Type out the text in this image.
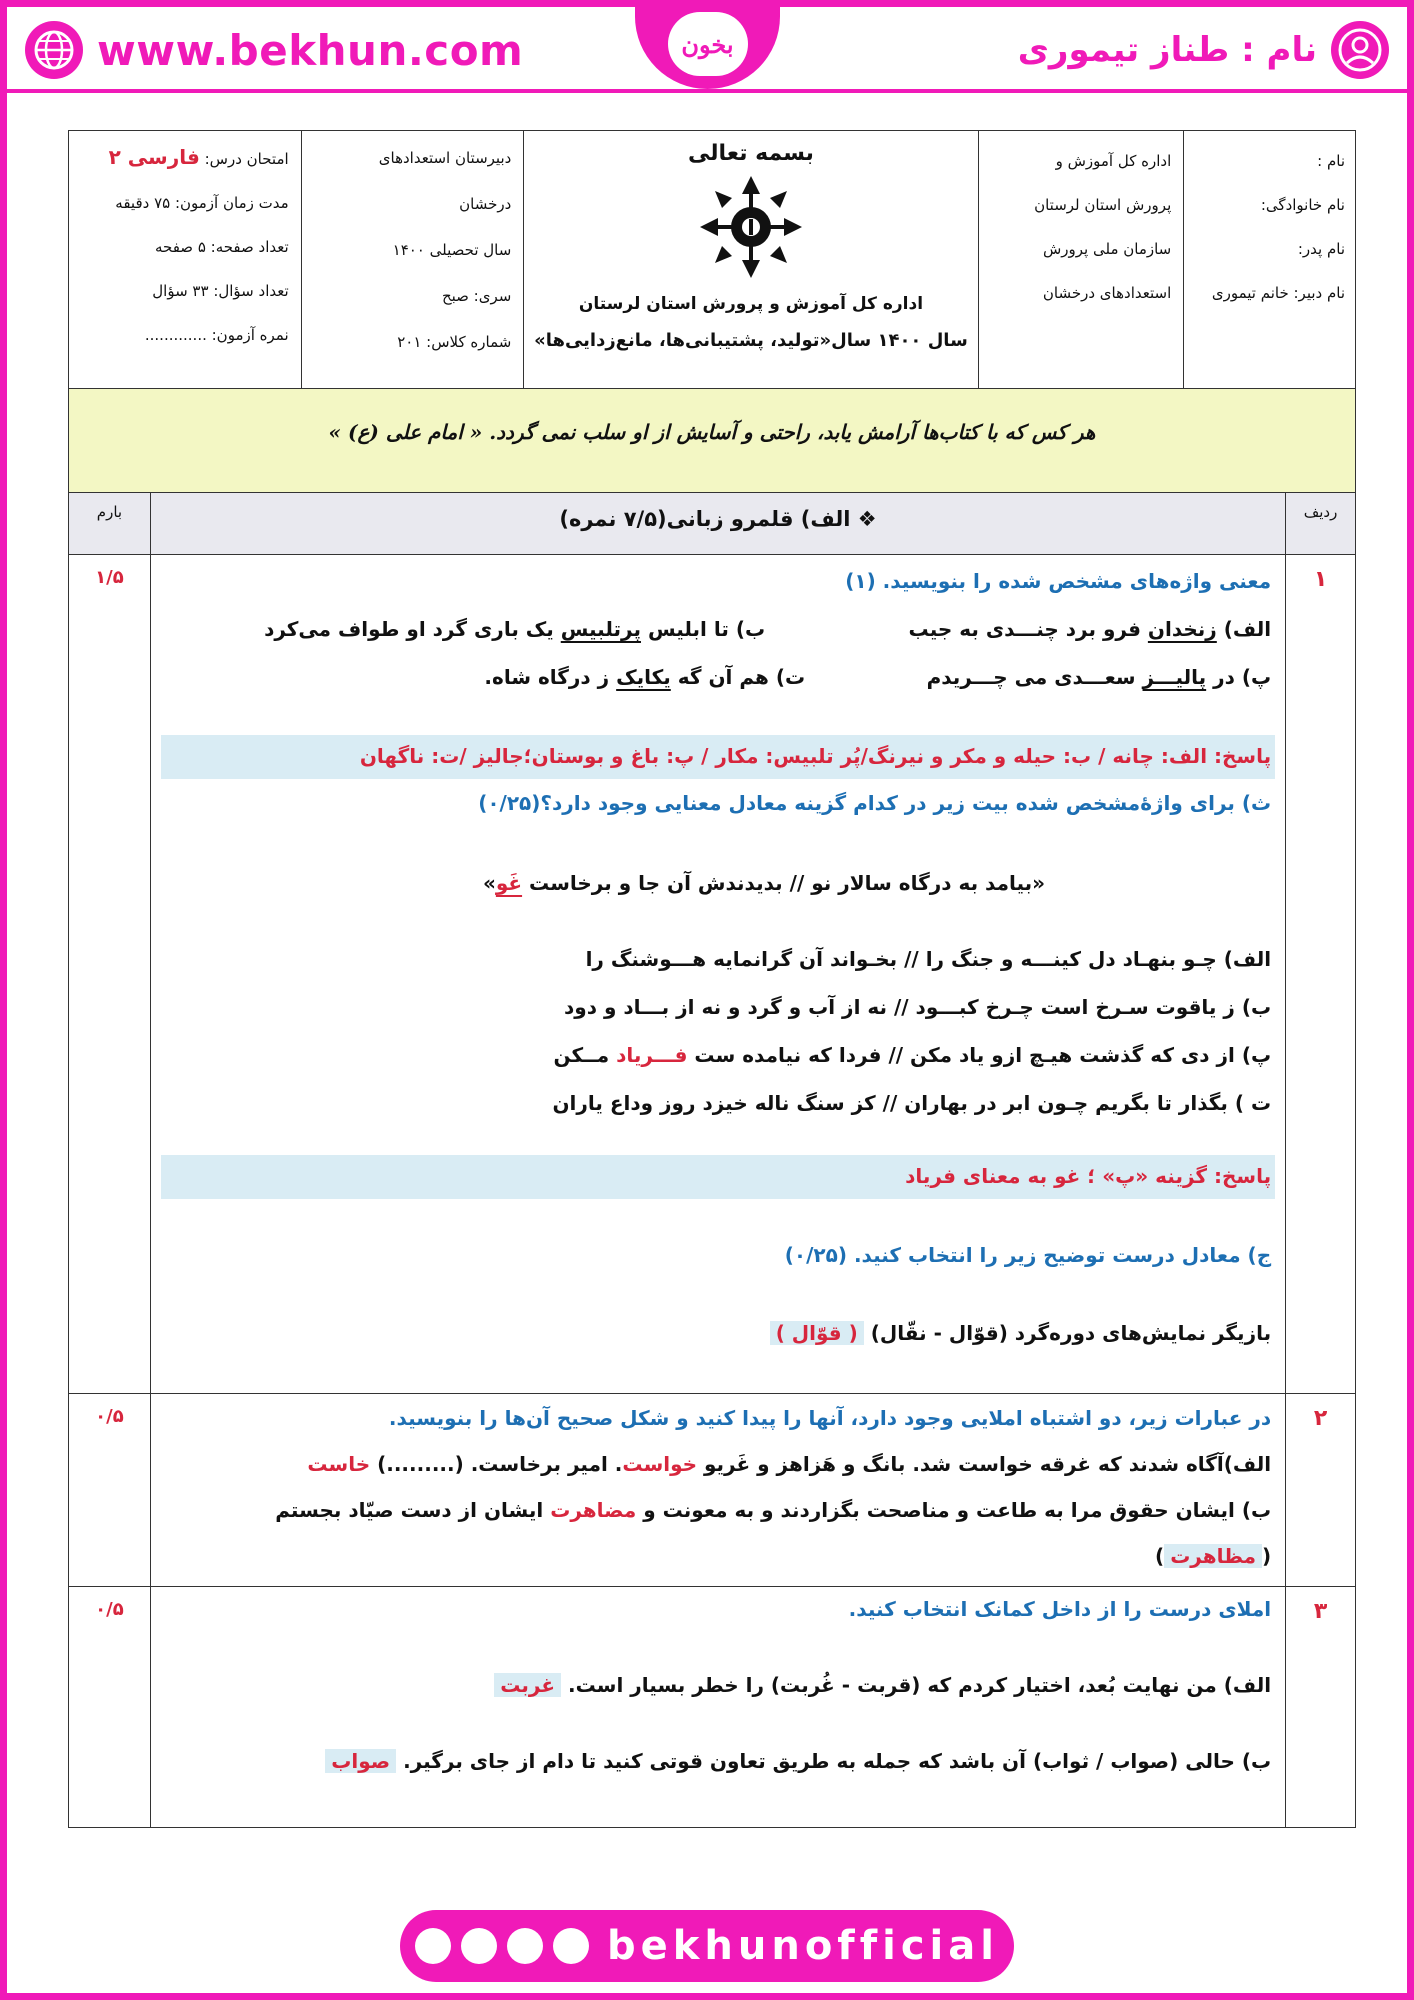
www.bekhun.com	بخون	نام : طناز تیموری
نام :
نام خانوادگی:
نام پدر:
نام دبیر: خانم تیموری
اداره کل آموزش و
پرورش استان لرستان
سازمان ملی پرورش
استعدادهای درخشان
بسمه تعالی
اداره کل آموزش و پرورش استان لرستان
سال ۱۴۰۰ سال«تولید، پشتیبانی‌ها، مانع‌زدایی‌ها»
دبیرستان استعدادهای
درخشان
سال تحصیلی ۱۴۰۰
سری: صبح
شماره کلاس: ۲۰۱
امتحان درس: فارسی ۲
مدت زمان آزمون: ۷۵ دقیقه
تعداد صفحه: ۵ صفحه
تعداد سؤال: ۳۳ سؤال
نمره آزمون: .............
هر کس که با کتاب‌ها آرامش یابد، راحتی و آسایش از او سلب نمی گردد. « امام علی (ع) »
ردیف
❖ الف) قلمرو زبانی(۷/۵ نمره)
بارم
۱
معنی واژه‌های مشخص شده را بنویسید. (۱)
الف) زنخدان فرو برد چنـــدی به جیب
ب) تا ابلیس پرتلبیس یک باری گرد او طواف می‌کرد
پ) در پالیـــز سعـــدی می چـــریدم
ت) هم آن گه یکایک ز درگاه شاه.
پاسخ: الف: چانه / ب: حیله و مکر و نیرنگ/پُر تلبیس: مکار / پ: باغ و بوستان؛جالیز /ت: ناگهان
ث) برای واژۀمشخص شده بیت زیر در کدام گزینه معادل معنایی وجود دارد؟(۰/۲۵)
«بیامد به درگاه سالار نو // بدیدندش آن جا و برخاست غَو»
الف) چـو بنهـاد دل کینـــه و جنگ را // بخـواند آن گرانمایه هـــوشنگ را
ب) ز یاقوت سـرخ است چـرخ کبـــود // نه از آب و گرد و نه از بـــاد و دود
پ) از دی که گذشت هیـچ ازو یاد مکن // فردا که نیامده ست فـــریاد مــکن
ت ) بگذار تا بگریم چـون ابر در بهاران // کز سنگ ناله خیزد روز وداع یاران
پاسخ: گزینه «پ» ؛ غو به معنای فریاد
ج) معادل درست توضیح زیر را انتخاب کنید. (۰/۲۵)
بازیگر نمایش‌های دوره‌گرد (قوّال - نقّال) ( قوّال )
۱/۵
۲
در عبارات زیر، دو اشتباه املایی وجود دارد، آنها را پیدا کنید و شکل صحیح آن‌ها را بنویسید.
الف)آگاه شدند که غرقه خواست شد. بانگ و هَزاهز و غَریو خواست. امیر برخاست. (.........) خاست
ب) ایشان حقوق مرا به طاعت و مناصحت بگزاردند و به معونت و مضاهرت ایشان از دست صیّاد بجستم
(مظاهرت)
۰/۵
۳
املای درست را از داخل کمانک انتخاب کنید.
الف) من نهایت بُعد، اختیار کردم که (قربت - غُربت) را خطر بسیار است. غربت
ب) حالی (صواب / ثواب) آن باشد که جمله به طریق تعاون قوتی کنید تا دام از جای برگیر. صواب
۰/۵
bekhunofficial
